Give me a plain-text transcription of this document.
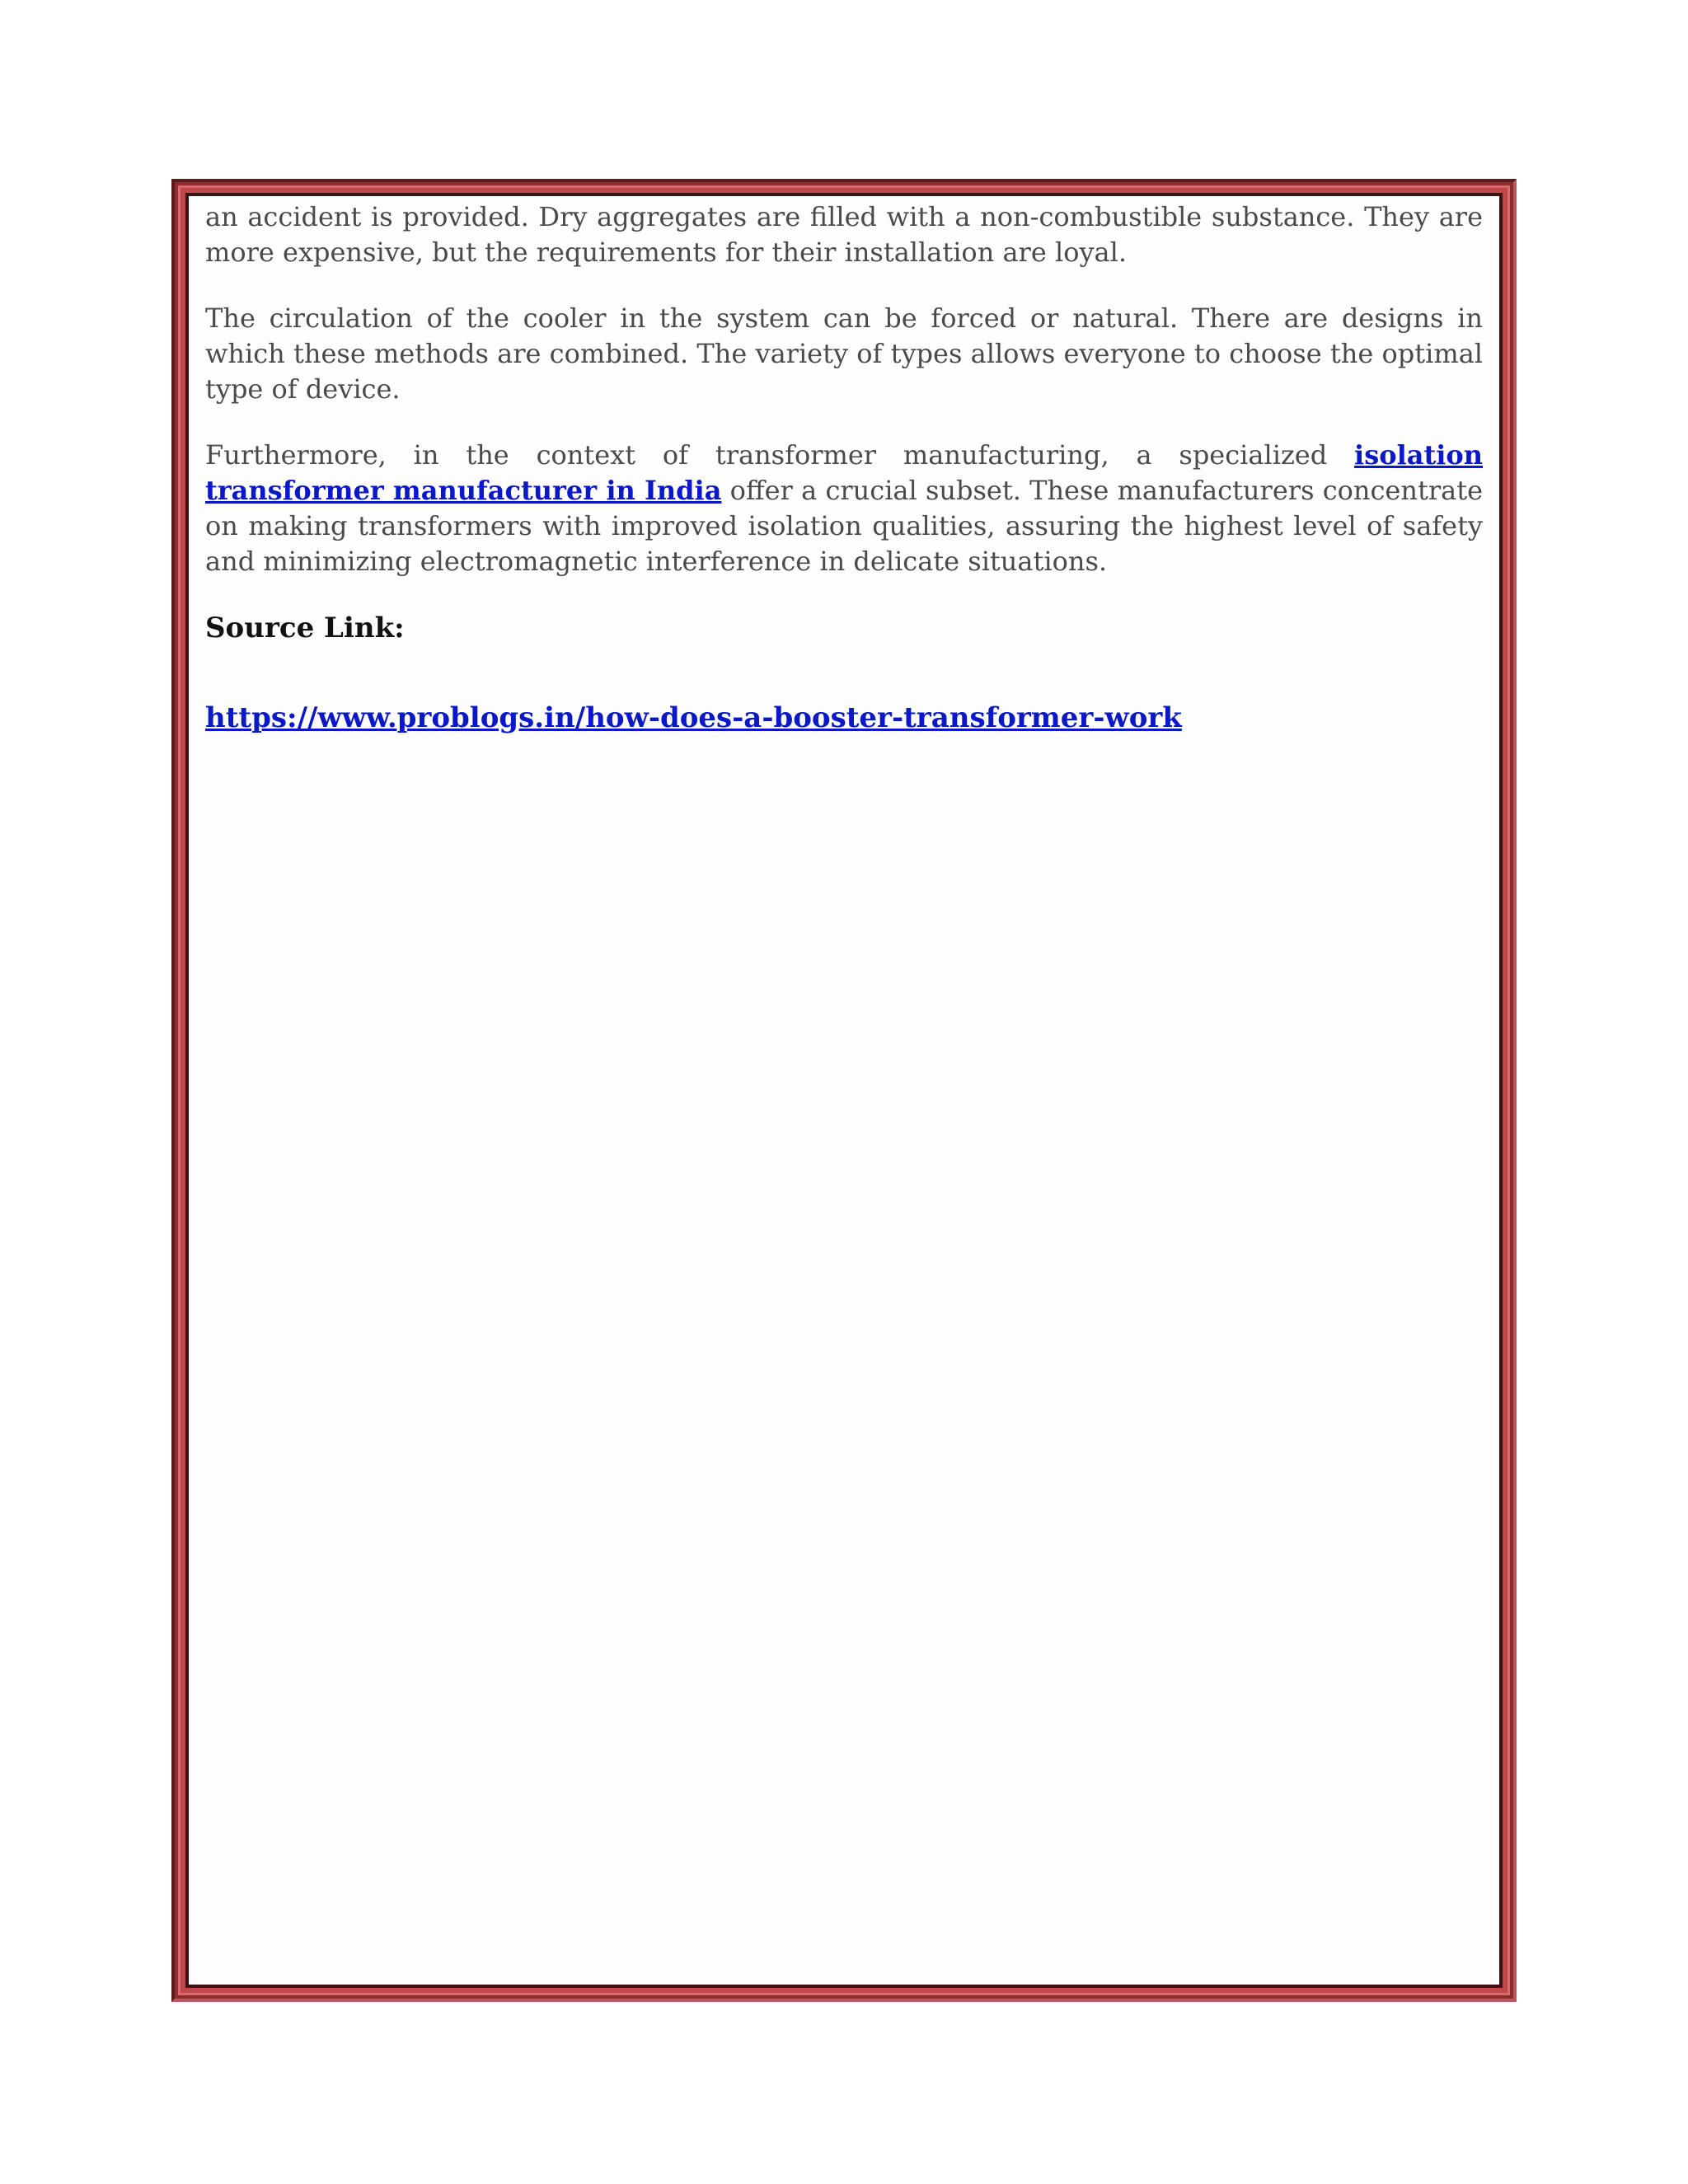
an accident is provided. Dry aggregates are filled with a non-combustible substance. They are more expensive, but the requirements for their installation are loyal.

The circulation of the cooler in the system can be forced or natural. There are designs in which these methods are combined. The variety of types allows everyone to choose the optimal type of device.

Furthermore, in the context of transformer manufacturing, a specialized isolation transformer manufacturer in India offer a crucial subset. These manufacturers concentrate on making transformers with improved isolation qualities, assuring the highest level of safety and minimizing electromagnetic interference in delicate situations.

Source Link:
https://www.problogs.in/how-does-a-booster-transformer-work
